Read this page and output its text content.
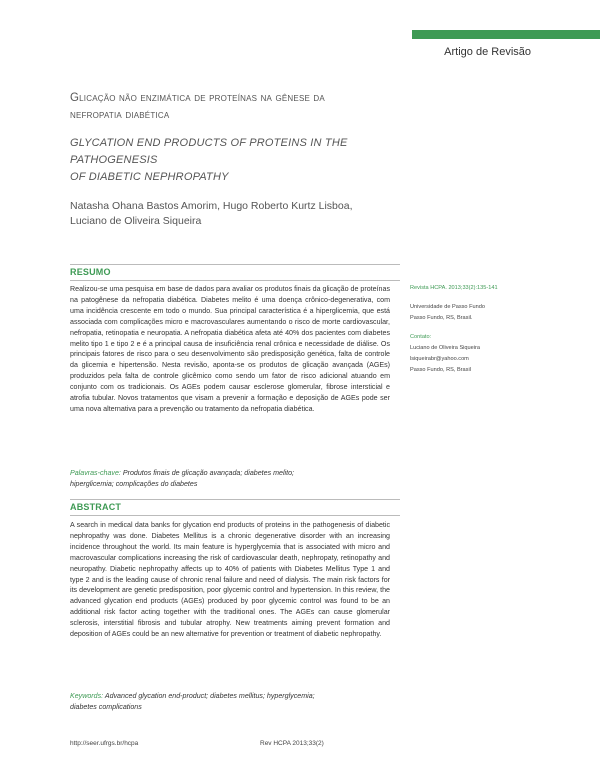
Artigo de Revisão
Glicação não enzimática de proteínas na gênese da
nefropatia diabética
GLYCATION END PRODUCTS OF PROTEINS IN THE PATHOGENESIS
OF DIABETIC NEPHROPATHY
Natasha Ohana Bastos Amorim, Hugo Roberto Kurtz Lisboa,
Luciano de Oliveira Siqueira
RESUMO
Realizou-se uma pesquisa em base de dados para avaliar os produtos finais da glicação de proteínas na patogênese da nefropatia diabética. Diabetes melito é uma doença crônico-degenerativa, com uma incidência crescente em todo o mundo. Sua principal característica é a hiperglicemia, que está associada com complicações micro e macrovasculares aumentando o risco de morte cardiovascular, nefropatia, retinopatia e neuropatia. A nefropatia diabética afeta até 40% dos pacientes com diabetes melito tipo 1 e tipo 2 e é a principal causa de insuficiência renal crônica e necessidade de diálise. Os principais fatores de risco para o seu desenvolvimento são predisposição genética, falta de controle da glicemia e hipertensão. Nesta revisão, aponta-se os produtos de glicação avançada (AGEs) produzidos pela falta de controle glicêmico como sendo um fator de risco adicional atuando em conjunto com os tradicionais. Os AGEs podem causar esclerose glomerular, fibrose intersticial e atrofia tubular. Novos tratamentos que visam a prevenir a formação e deposição de AGEs pode ser uma nova alternativa para a prevenção ou tratamento da nefropatia diabética.
Palavras-chave: Produtos finais de glicação avançada; diabetes melito;
hiperglicemia; complicações do diabetes
ABSTRACT
A search in medical data banks for glycation end products of proteins in the pathogenesis of diabetic nephropathy was done. Diabetes Mellitus is a chronic degenerative disorder with an increasing incidence throughout the world. Its main feature is hyperglycemia that is associated with micro and macrovascular complications increasing the risk of cardiovascular death, nephropaty, retinopathy and neuropathy. Diabetic nephropathy affects up to 40% of patients with Diabetes Mellitus Type 1 and type 2 and is the leading cause of chronic renal failure and need of dialysis. The main risk factors for its development are genetic predisposition, poor glycemic control and hypertension. In this review, the advanced glycation end products (AGEs) produced by poor glycemic control was found to be an additional risk factor acting together with the traditional ones. The AGEs can cause glomerular sclerosis, interstitial fibrosis and tubular atrophy. New treatments aiming prevent formation and deposition of AGEs could be an new alternative for prevention or treatment of diabetic nephropathy.
Keywords: Advanced glycation end-product; diabetes mellitus; hyperglycemia;
diabetes complications
Revista HCPA. 2013;33(2):135-141
Universidade de Passo Fundo
Passo Fundo, RS, Brasil.
Contato:
Luciano de Oliveira Siqueira
lsiqueirabr@yahoo.com
Passo Fundo, RS, Brasil
http://seer.ufrgs.br/hcpa	Rev HCPA 2013;33(2)
